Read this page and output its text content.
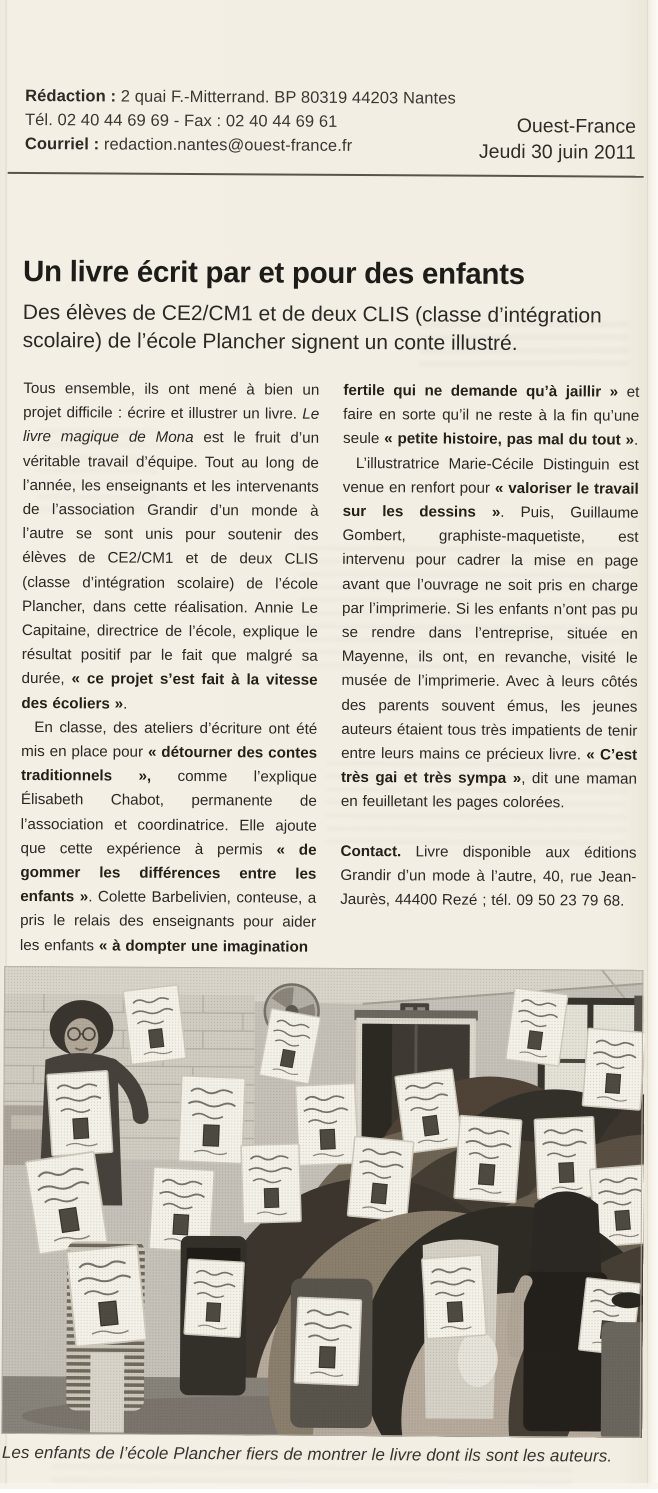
Rédaction : 2 quai F.-Mitterrand. BP 80319 44203 Nantes
Tél. 02 40 44 69 69 - Fax : 02 40 44 69 61
Courriel : redaction.nantes@ouest-france.fr
Ouest-France
Jeudi 30 juin 2011
Un livre écrit par et pour des enfants
Des élèves de CE2/CM1 et de deux CLIS (classe d’intégration scolaire) de l’école Plancher signent un conte illustré.

Tous ensemble, ils ont mené à bien un projet difficile : écrire et illustrer un livre. Le livre magique de Mona est le fruit d’un véritable travail d’équipe. Tout au long de l’année, les enseignants et les intervenants de l’association Grandir d’un monde à l’autre se sont unis pour soutenir des élèves de CE2/CM1 et de deux CLIS (classe d’intégration scolaire) de l’école Plancher, dans cette réalisation. Annie Le Capitaine, directrice de l’école, explique le résultat positif par le fait que malgré sa durée, « ce projet s’est fait à la vitesse des écoliers ».

En classe, des ateliers d’écriture ont été mis en place pour « détourner des contes traditionnels », comme l’explique Élisabeth Chabot, permanente de l’association et coordinatrice. Elle ajoute que cette expérience à permis « de gommer les différences entre les enfants ». Colette Barbelivien, conteuse, a pris le relais des enseignants pour aider les enfants « à dompter une imagination

fertile qui ne demande qu’à jaillir » et faire en sorte qu’il ne reste à la fin qu’une seule « petite histoire, pas mal du tout ».

L’illustratrice Marie-Cécile Distinguin est venue en renfort pour « valoriser le travail sur les dessins ». Puis, Guillaume Gombert, graphiste-maquetiste, est intervenu pour cadrer la mise en page avant que l’ouvrage ne soit pris en charge par l’imprimerie. Si les enfants n’ont pas pu se rendre dans l’entreprise, située en Mayenne, ils ont, en revanche, visité le musée de l’imprimerie. Avec à leurs côtés des parents souvent émus, les jeunes auteurs étaient tous très impatients de tenir entre leurs mains ce précieux livre. « C’est très gai et très sympa », dit une maman en feuilletant les pages colorées.

Contact. Livre disponible aux éditions Grandir d’un mode à l’autre, 40, rue Jean-Jaurès, 44400 Rezé ; tél. 09 50 23 79 68.

Les enfants de l’école Plancher fiers de montrer le livre dont ils sont les auteurs.
